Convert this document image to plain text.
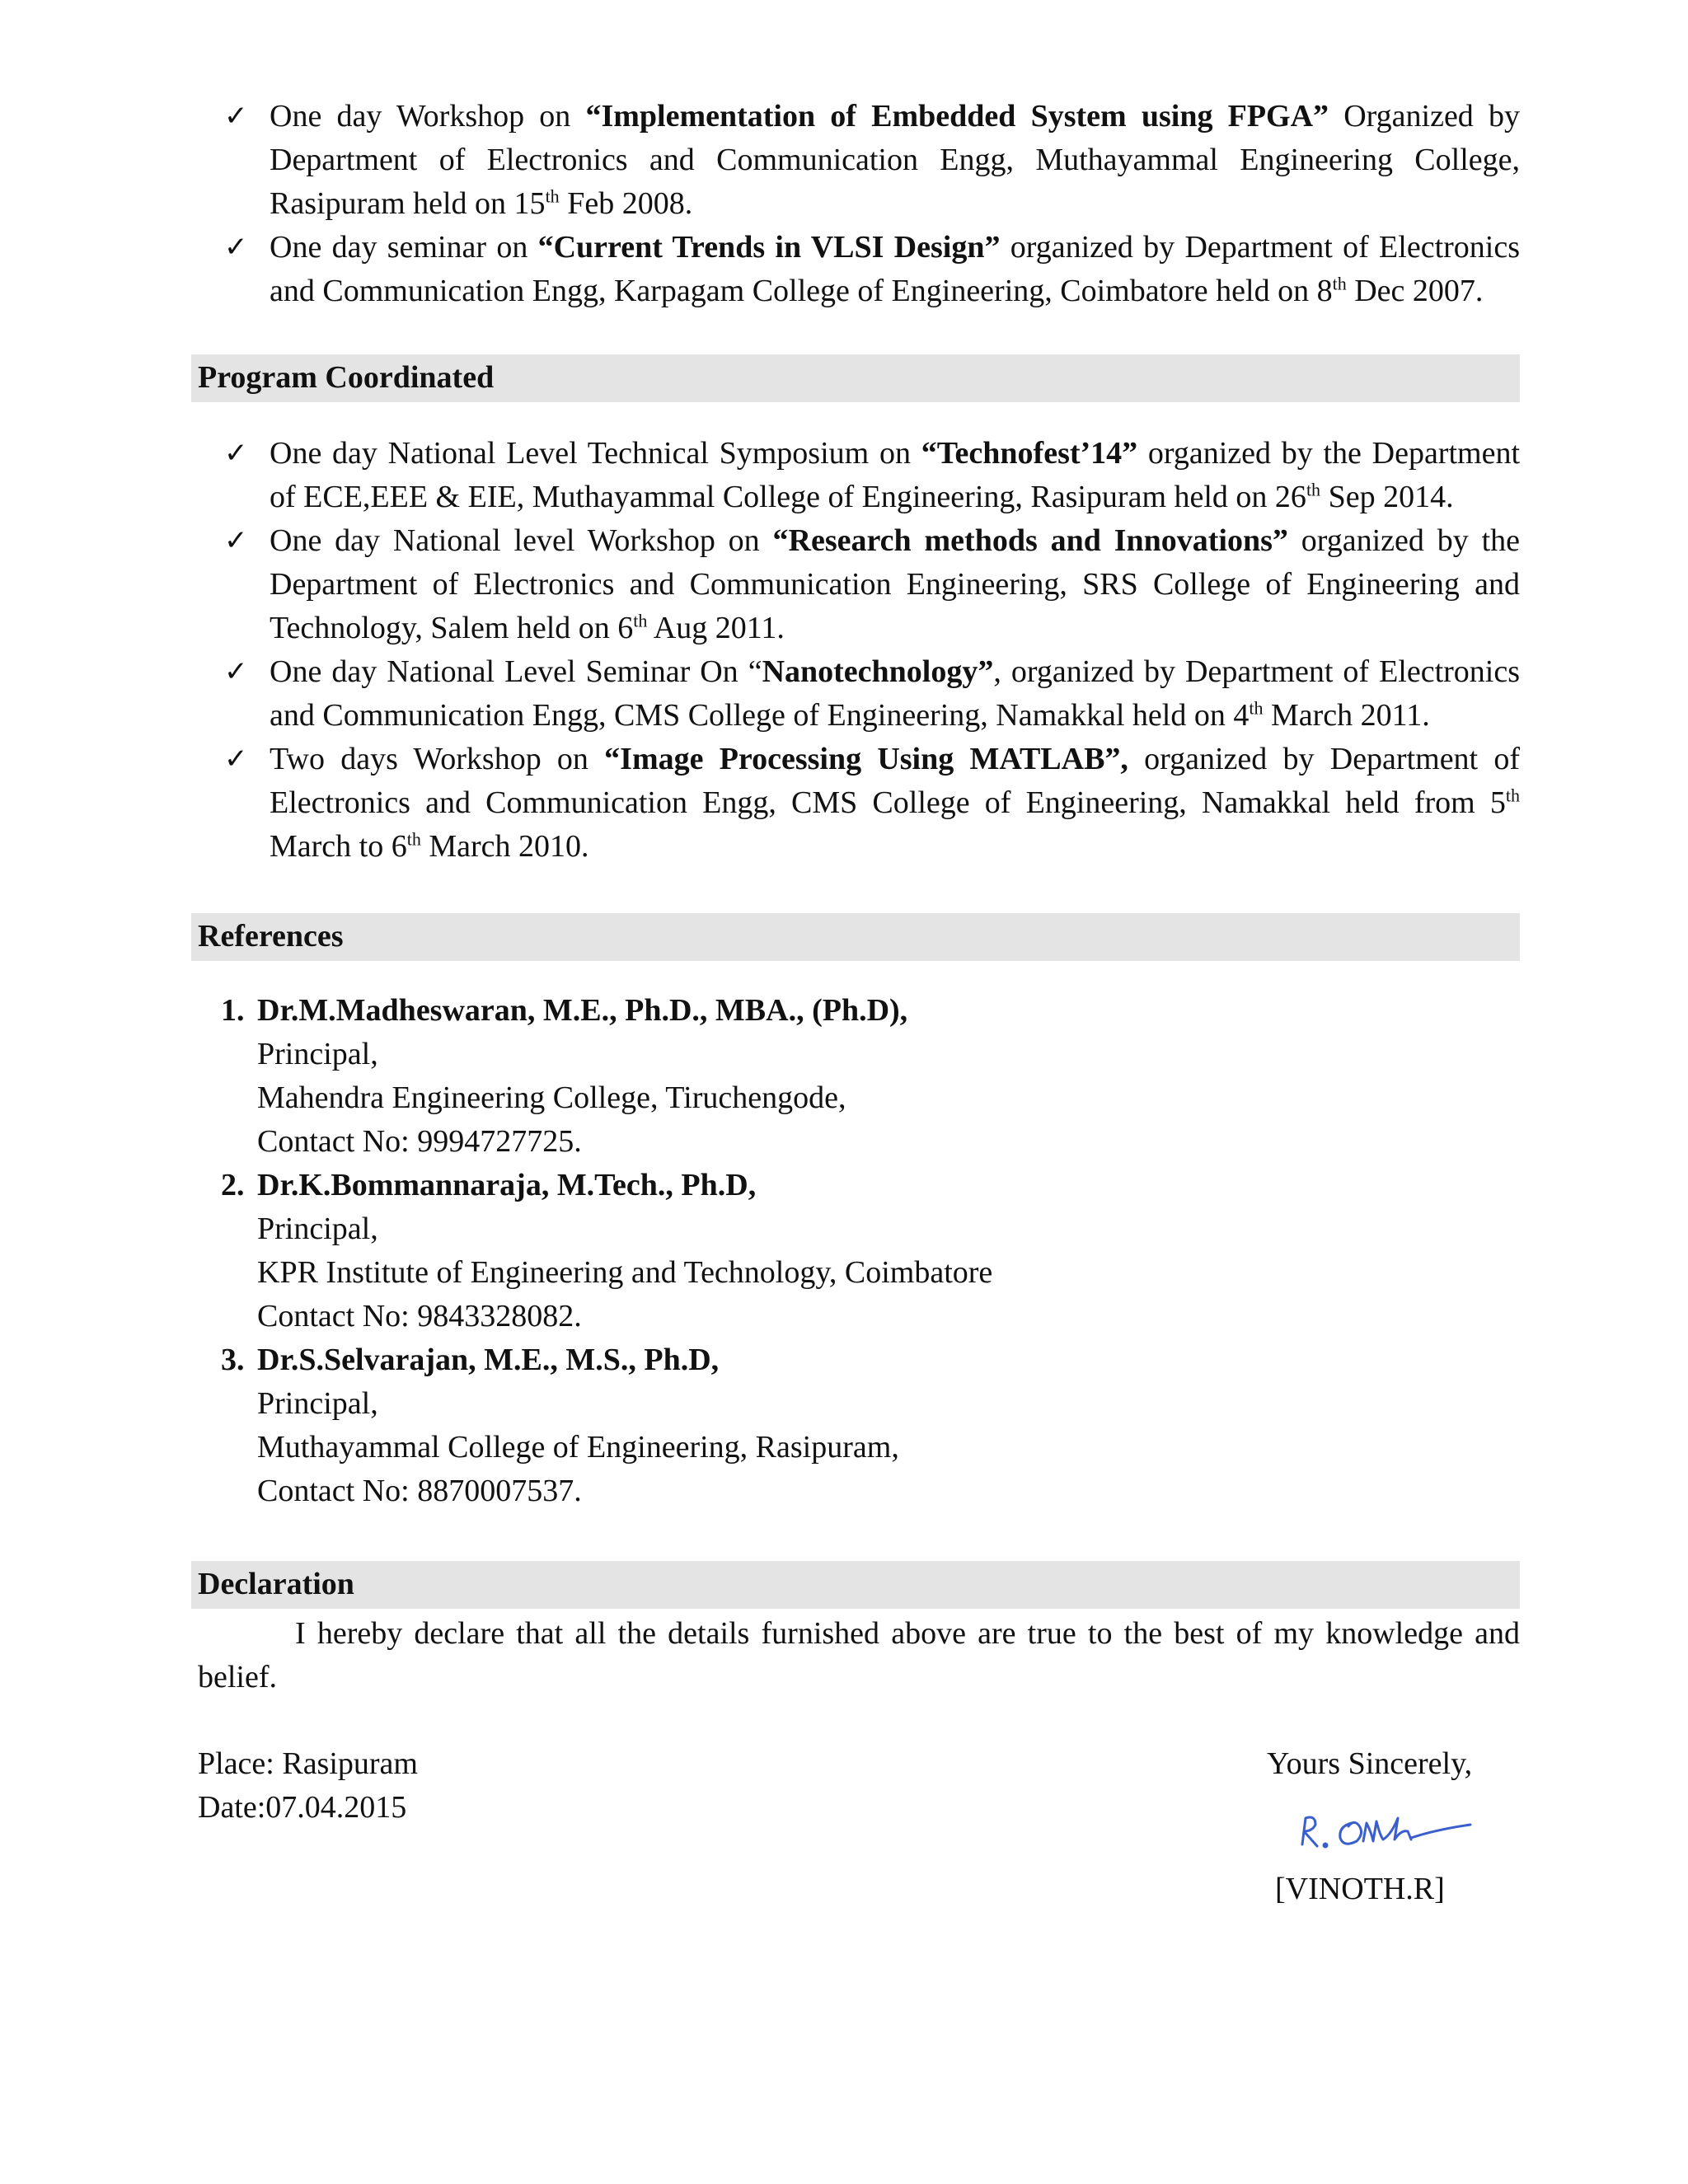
✓ One day Workshop on “Implementation of Embedded System using FPGA” Organized by Department of Electronics and Communication Engg, Muthayammal Engineering College, Rasipuram held on 15th Feb 2008.
✓ One day seminar on “Current Trends in VLSI Design” organized by Department of Electronics and Communication Engg, Karpagam College of Engineering, Coimbatore held on 8th Dec 2007.
Program Coordinated
✓ One day National Level Technical Symposium on “Technofest’14” organized by the Department of ECE,EEE & EIE, Muthayammal College of Engineering, Rasipuram held on 26th Sep 2014.
✓ One day National level Workshop on “Research methods and Innovations” organized by the Department of Electronics and Communication Engineering, SRS College of Engineering and Technology, Salem held on 6th Aug 2011.
✓ One day National Level Seminar On “Nanotechnology”, organized by Department of Electronics and Communication Engg, CMS College of Engineering, Namakkal held on 4th March 2011.
✓ Two days Workshop on “Image Processing Using MATLAB”, organized by Department of Electronics and Communication Engg, CMS College of Engineering, Namakkal held from 5th March to 6th March 2010.
References
1. Dr.M.Madheswaran, M.E., Ph.D., MBA., (Ph.D),
Principal,
Mahendra Engineering College, Tiruchengode,
Contact No: 9994727725.
2. Dr.K.Bommannaraja, M.Tech., Ph.D,
Principal,
KPR Institute of Engineering and Technology, Coimbatore
Contact No: 9843328082.
3. Dr.S.Selvarajan, M.E., M.S., Ph.D,
Principal,
Muthayammal College of Engineering, Rasipuram,
Contact No: 8870007537.
Declaration
I hereby declare that all the details furnished above are true to the best of my knowledge and belief.
Place: Rasipuram
Date:07.04.2015
Yours Sincerely,
[VINOTH.R]
